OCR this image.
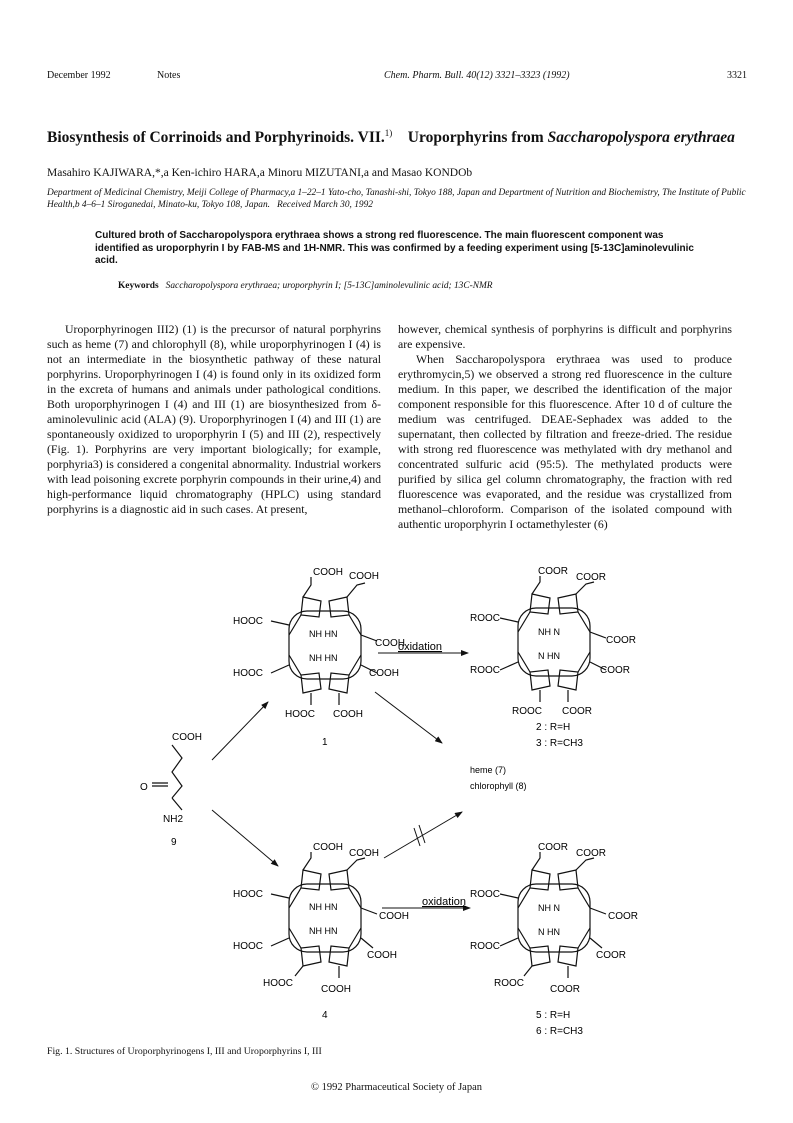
December 1992	Notes	Chem. Pharm. Bull. 40(12) 3321–3323 (1992)	3321
Biosynthesis of Corrinoids and Porphyrinoids. VII.$^{1)}$ Uroporphyrins from Saccharopolyspora erythraea
Masahiro KAJIWARA,*,a Ken-ichiro HARA,a Minoru MIZUTANI,a and Masao KONDOb
Department of Medicinal Chemistry, Meiji College of Pharmacy,a 1–22–1 Yato-cho, Tanashi-shi, Tokyo 188, Japan and Department of Nutrition and Biochemistry, The Institute of Public Health,b 4–6–1 Siroganedai, Minato-ku, Tokyo 108, Japan. Received March 30, 1992
Cultured broth of Saccharopolyspora erythraea shows a strong red fluorescence. The main fluorescent component was identified as uroporphyrin I by FAB-MS and 1H-NMR. This was confirmed by a feeding experiment using [5-13C]aminolevulinic acid.
Keywords Saccharopolyspora erythraea; uroporphyrin I; [5-13C]aminolevulinic acid; 13C-NMR

Uroporphyrinogen III2) (1) is the precursor of natural porphyrins such as heme (7) and chlorophyll (8), while uroporphyrinogen I (4) is not an intermediate in the biosynthetic pathway of these natural porphyrins. Uroporphyrinogen I (4) is found only in its oxidized form in the excreta of humans and animals under pathological conditions. Both uroporphyrinogen I (4) and III (1) are biosynthesized from δ-aminolevulinic acid (ALA) (9). Uroporphyrinogen I (4) and III (1) are spontaneously oxidized to uroporphyrin I (5) and III (2), respectively (Fig. 1). Porphyrins are very important biologically; for example, porphyria3) is considered a congenital abnormality. Industrial workers with lead poisoning excrete porphyrin compounds in their urine,4) and high-performance liquid chromatography (HPLC) using standard porphyrins is a diagnostic aid in such cases. At present,

however, chemical synthesis of porphyrins is difficult and porphyrins are expensive.

When Saccharopolyspora erythraea was used to produce erythromycin,5) we observed a strong red fluorescence in the culture medium. In this paper, we described the identification of the major component responsible for this fluorescence. After 10 d of culture the medium was centrifuged. DEAE-Sephadex was added to the supernatant, then collected by filtration and freeze-dried. The residue with strong red fluorescence was methylated with dry methanol and concentrated sulfuric acid (95:5). The methylated products were purified by silica gel column chromatography, the fraction with red fluorescence was evaporated, and the residue was crystallized from methanol–chloroform. Comparison of the isolated compound with authentic uroporphyrin I octamethylester (6)

COOH COOH
HOOC
COOH
HOOC	COOH
HOOC COOH
NH HN
NH HN
1
oxidation
COOR
COOR
ROOC
COOR
ROOC	COOR
ROOC COOR
NH N
N HN
2 : R=H
3 : R=CH3
COOH
O
NH2
9
heme (7)
chlorophyll (8)
COOH
COOH
HOOC
COOH
HOOC
COOH
HOOC
COOH
NH HN
NH HN
4
oxidation
COOR
COOR
ROOC
COOR
ROOC
COOR
ROOC
COOR
NH N
N HN
5 : R=H
6 : R=CH3
Fig. 1. Structures of Uroporphyrinogens I, III and Uroporphyrins I, III
© 1992 Pharmaceutical Society of Japan
